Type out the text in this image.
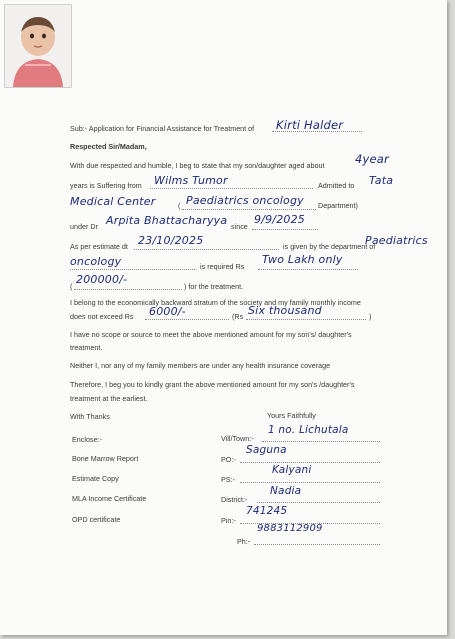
Sub:- Application for Financial Assistance for Treatment of Kirti Halder
Respected Sir/Madam,
With due respected and humble, I beg to state that my son/daughter aged about	4year
years is Suffering from Wilms Tumor	Admitted to Tata
Medical Center	( Paediatrics oncology Department)
under Dr Arpita Bhattacharyya since
9/9/2025
As per estimate dt 23/10/2025	is given by the department of
Paediatrics
oncology	is required Rs
Two Lakh only
(
200000/-
) for the treatment.
I belong to the economically backward stratum of the society and my family monthly income
does not exceed Rs 6000/-	(Rs Six thousand	)
I have no scope or source to meet the above mentioned amount for my son's/ daughter's
treatment.
Neither I, nor any of my family members are under any health insurance coverage
Therefore, I beg you to kindly grant the above mentioned amount for my son's /daughter's
treatment at the earliest.
With Thanks	Yours Faithfully
Enclose:-
Bone Marrow Report
Estimate Copy
MLA Income Certificate
OPD certificate
Vill/Town:-
1 no. Lichutala
PO:-
Saguna
PS:-
Kalyani
District:-
Nadia
Pin:-
741245
Ph:-
9883112909
